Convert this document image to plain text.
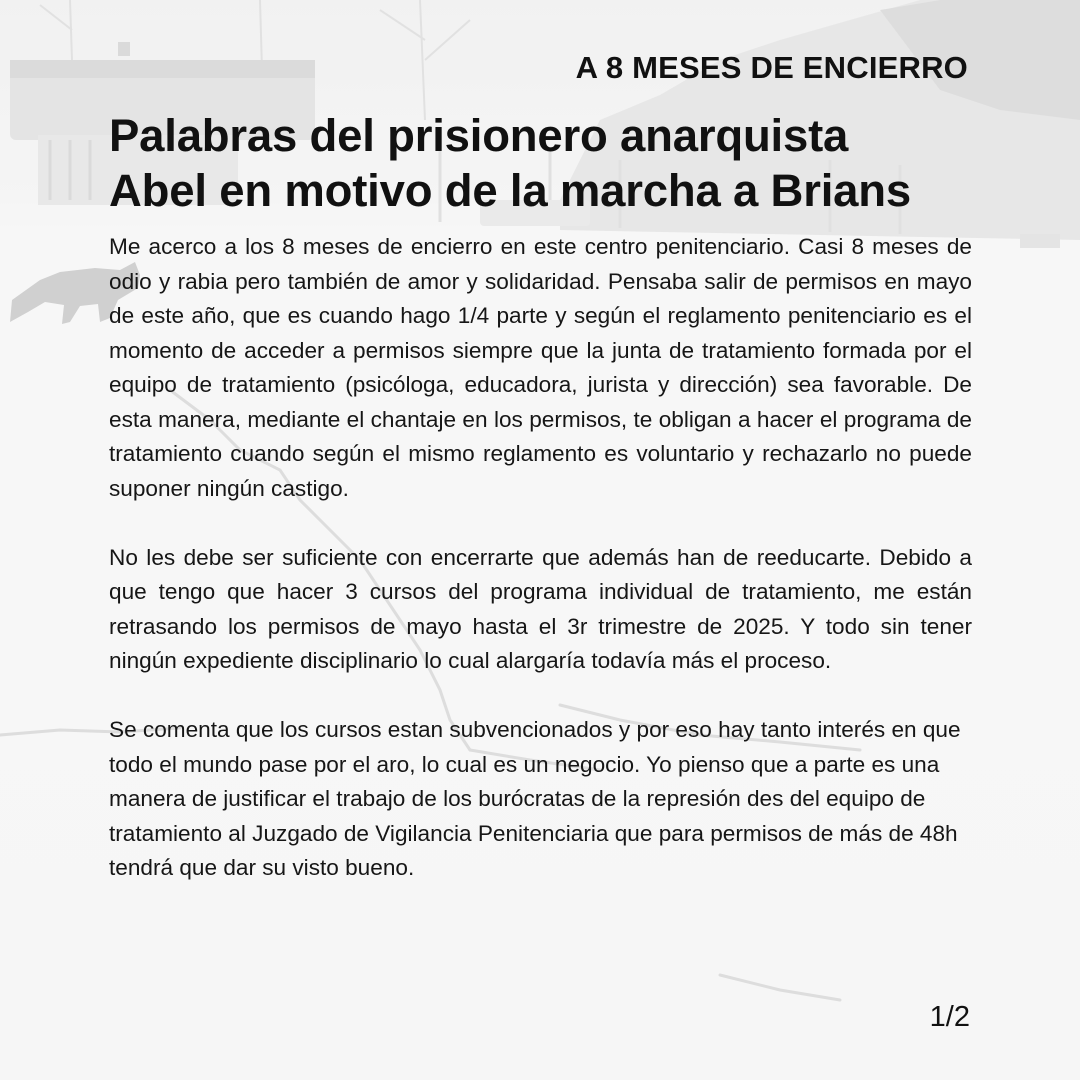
A 8 MESES DE ENCIERRO
Palabras del prisionero anarquista
Abel en motivo de la marcha a Brians

Me acerco a los 8 meses de encierro en este centro penitenciario. Casi 8 meses de odio y rabia pero también de amor y solidaridad. Pensaba salir de permisos en mayo de este año, que es cuando hago 1/4 parte y según el reglamento penitenciario es el momento de acceder a permisos siempre que la junta de tratamiento formada por el equipo de tratamiento (psicóloga, educadora, jurista y dirección) sea favorable. De esta manera, mediante el chantaje en los permisos, te obligan a hacer el programa de tratamiento cuando según el mismo reglamento es voluntario y rechazarlo no puede suponer ningún castigo.

No les debe ser suficiente con encerrarte que además han de reeducarte. Debido a que tengo que hacer 3 cursos del programa individual de tratamiento, me están retrasando los permisos de mayo hasta el 3r trimestre de 2025. Y todo sin tener ningún expediente disciplinario lo cual alargaría todavía más el proceso.

Se comenta que los cursos estan subvencionados y por eso hay tanto interés en que todo el mundo pase por el aro, lo cual es un negocio. Yo pienso que a parte es una manera de justificar el trabajo de los burócratas de la represión des del equipo de tratamiento al Juzgado de Vigilancia Penitenciaria que para permisos de más de 48h tendrá que dar su visto bueno.

1/2
